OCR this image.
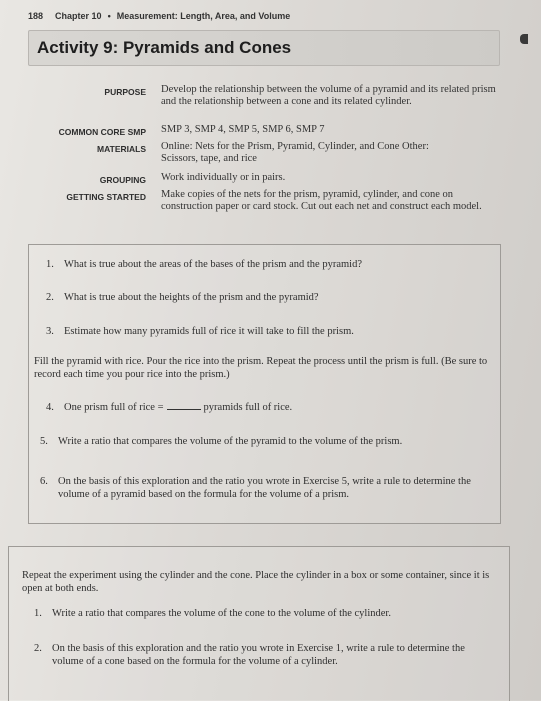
188 Chapter 10 • Measurement: Length, Area, and Volume
Activity 9: Pyramids and Cones
PURPOSE Develop the relationship between the volume of a pyramid and its related prism and the relationship between a cone and its related cylinder.
COMMON CORE SMP SMP 3, SMP 4, SMP 5, SMP 6, SMP 7
MATERIALS Online: Nets for the Prism, Pyramid, Cylinder, and Cone Other: Scissors, tape, and rice
GROUPING Work individually or in pairs.
GETTING STARTED Make copies of the nets for the prism, pyramid, cylinder, and cone on construction paper or card stock. Cut out each net and construct each model.
1. What is true about the areas of the bases of the prism and the pyramid?
2. What is true about the heights of the prism and the pyramid?
3. Estimate how many pyramids full of rice it will take to fill the prism.
Fill the pyramid with rice. Pour the rice into the prism. Repeat the process until the prism is full. (Be sure to record each time you pour rice into the prism.)
4. One prism full of rice =	pyramids full of rice.
5. Write a ratio that compares the volume of the pyramid to the volume of the prism.
6. On the basis of this exploration and the ratio you wrote in Exercise 5, write a rule to determine the volume of a pyramid based on the formula for the volume of a prism.
Repeat the experiment using the cylinder and the cone. Place the cylinder in a box or some container, since it is open at both ends.
1. Write a ratio that compares the volume of the cone to the volume of the cylinder.
2. On the basis of this exploration and the ratio you wrote in Exercise 1, write a rule to determine the volume of a cone based on the formula for the volume of a cylinder.
